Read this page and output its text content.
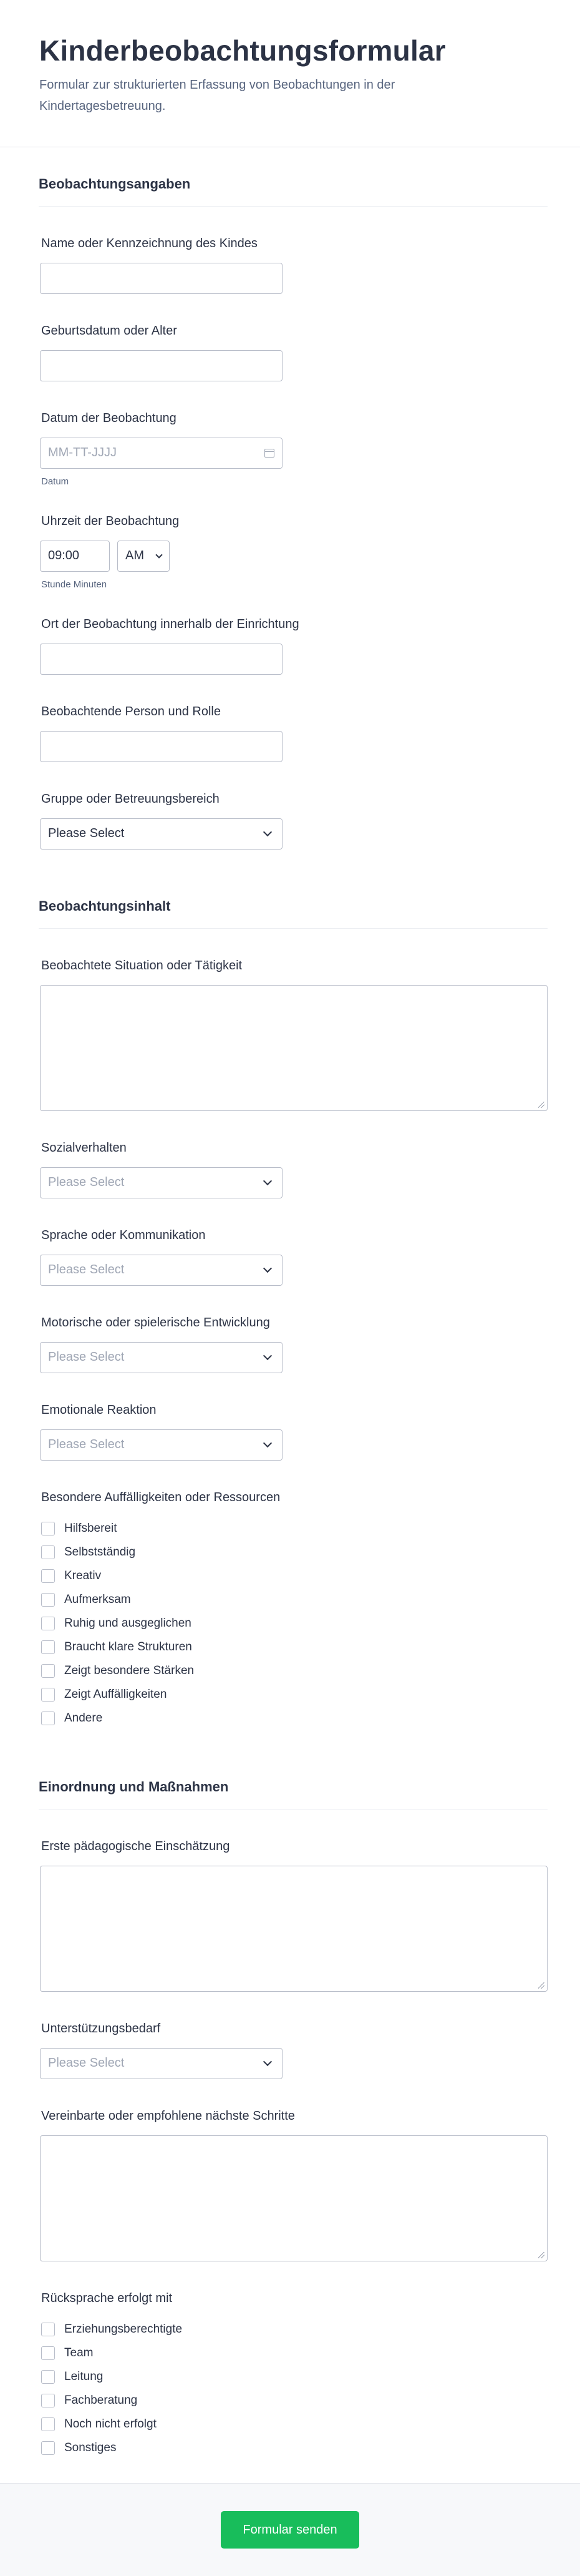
Kinderbeobachtungsformular

Formular zur strukturierten Erfassung von Beobachtungen in der Kindertagesbetreuung.

Beobachtungsangaben
Name oder Kennzeichnung des Kindes
Geburtsdatum oder Alter
Datum der Beobachtung
MM-TT-JJJJ
Datum
Uhrzeit der Beobachtung
09:00	AM
Stunde Minuten
Ort der Beobachtung innerhalb der Einrichtung
Beobachtende Person und Rolle
Gruppe oder Betreuungsbereich
Please Select
Beobachtungsinhalt
Beobachtete Situation oder Tätigkeit
Sozialverhalten
Please Select
Sprache oder Kommunikation
Please Select
Motorische oder spielerische Entwicklung
Please Select
Emotionale Reaktion
Please Select
Besondere Auffälligkeiten oder Ressourcen
Hilfsbereit
Selbstständig
Kreativ
Aufmerksam
Ruhig und ausgeglichen
Braucht klare Strukturen
Zeigt besondere Stärken
Zeigt Auffälligkeiten
Andere
Einordnung und Maßnahmen
Erste pädagogische Einschätzung
Unterstützungsbedarf
Please Select
Vereinbarte oder empfohlene nächste Schritte
Rücksprache erfolgt mit
Erziehungsberechtigte
Team
Leitung
Fachberatung
Noch nicht erfolgt
Sonstiges
Formular senden
